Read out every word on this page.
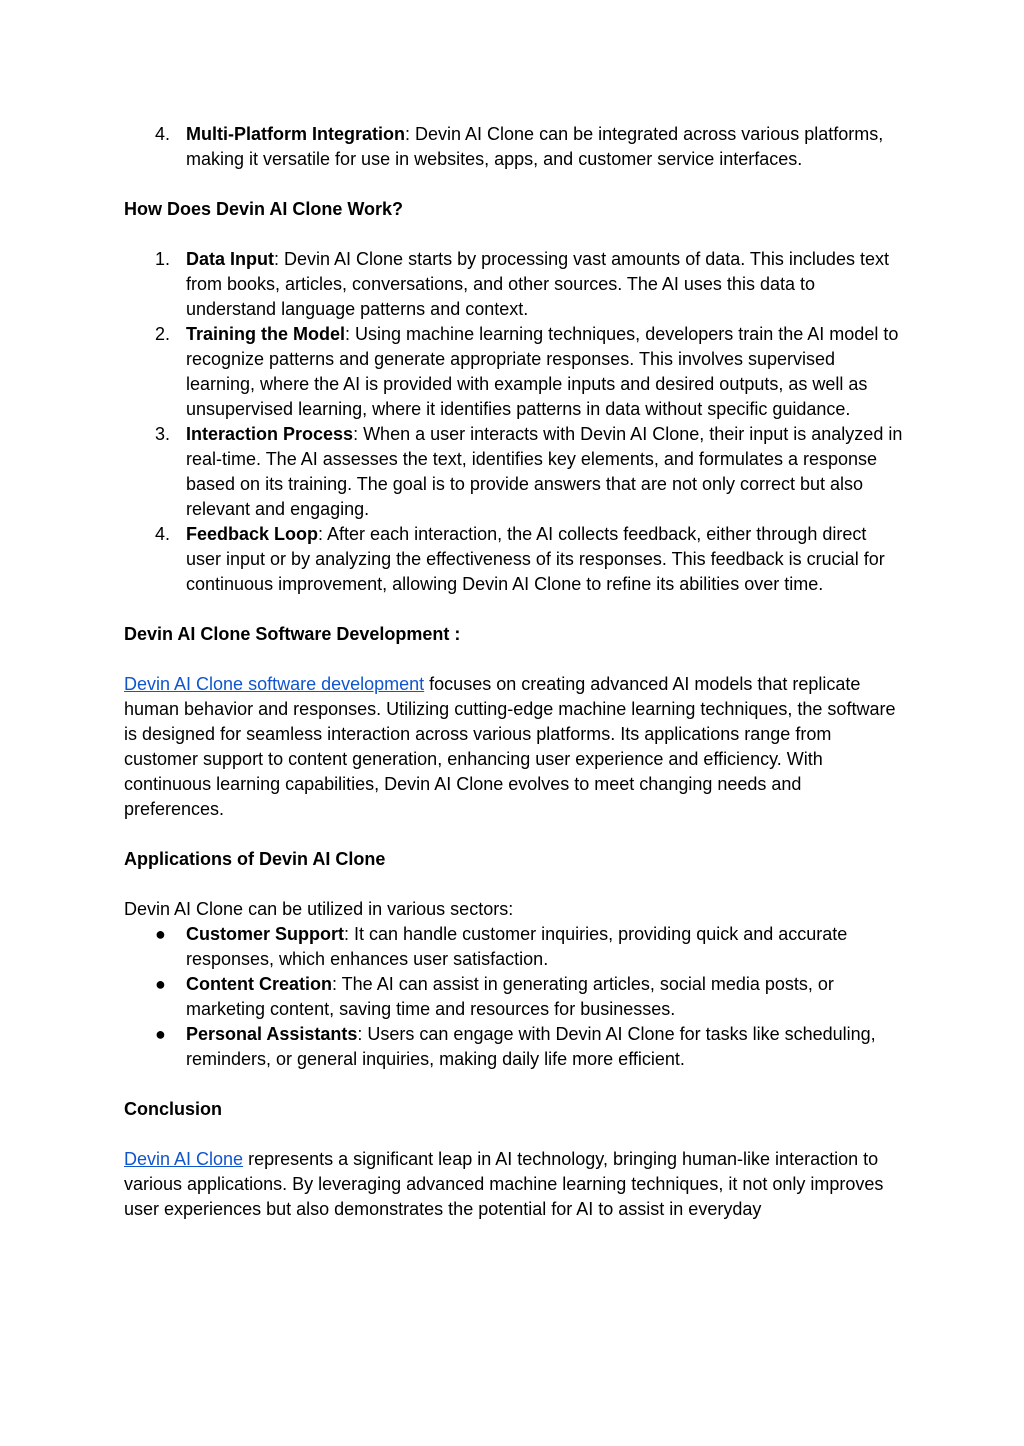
4. Multi-Platform Integration: Devin AI Clone can be integrated across various platforms, making it versatile for use in websites, apps, and customer service interfaces.

How Does Devin AI Clone Work?

1. Data Input: Devin AI Clone starts by processing vast amounts of data. This includes text from books, articles, conversations, and other sources. The AI uses this data to understand language patterns and context.
2. Training the Model: Using machine learning techniques, developers train the AI model to recognize patterns and generate appropriate responses. This involves supervised learning, where the AI is provided with example inputs and desired outputs, as well as unsupervised learning, where it identifies patterns in data without specific guidance.
3. Interaction Process: When a user interacts with Devin AI Clone, their input is analyzed in real-time. The AI assesses the text, identifies key elements, and formulates a response based on its training. The goal is to provide answers that are not only correct but also relevant and engaging.
4. Feedback Loop: After each interaction, the AI collects feedback, either through direct user input or by analyzing the effectiveness of its responses. This feedback is crucial for continuous improvement, allowing Devin AI Clone to refine its abilities over time.

Devin AI Clone Software Development :

Devin AI Clone software development focuses on creating advanced AI models that replicate human behavior and responses. Utilizing cutting-edge machine learning techniques, the software is designed for seamless interaction across various platforms. Its applications range from customer support to content generation, enhancing user experience and efficiency. With continuous learning capabilities, Devin AI Clone evolves to meet changing needs and preferences.

Applications of Devin AI Clone

Devin AI Clone can be utilized in various sectors:

● Customer Support: It can handle customer inquiries, providing quick and accurate responses, which enhances user satisfaction.
● Content Creation: The AI can assist in generating articles, social media posts, or marketing content, saving time and resources for businesses.
● Personal Assistants: Users can engage with Devin AI Clone for tasks like scheduling, reminders, or general inquiries, making daily life more efficient.

Conclusion

Devin AI Clone represents a significant leap in AI technology, bringing human-like interaction to various applications. By leveraging advanced machine learning techniques, it not only improves user experiences but also demonstrates the potential for AI to assist in everyday
